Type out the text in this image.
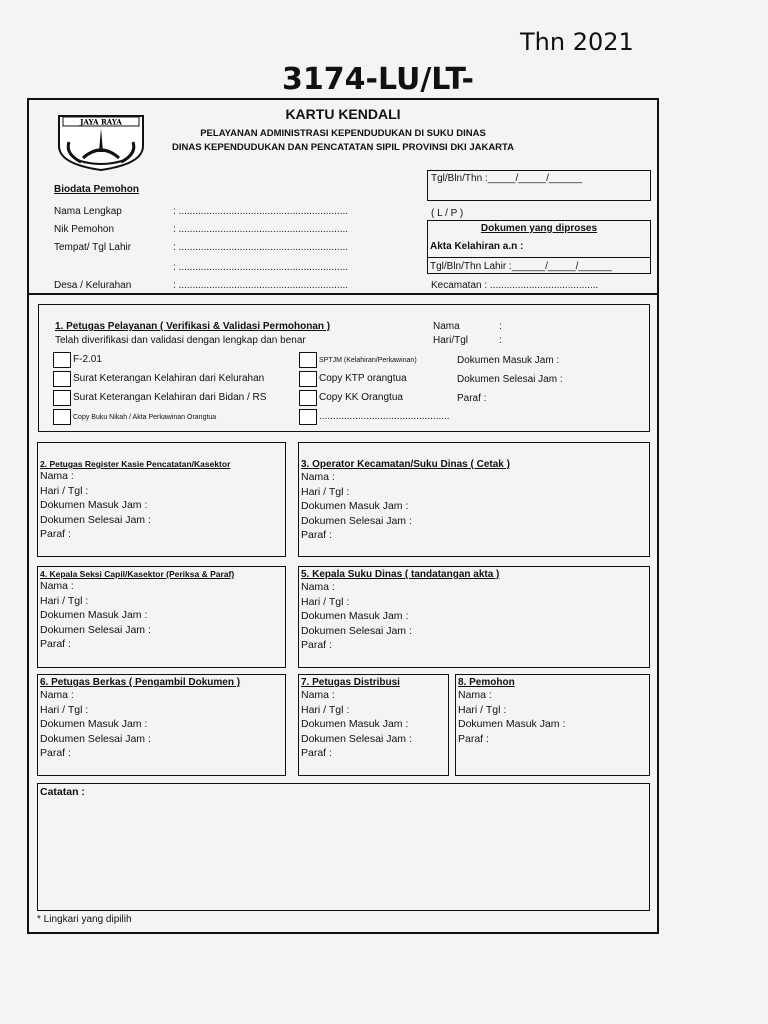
Thn 2021
3174-LU/LT-
JAYA RAYA	KARTU KENDALI
PELAYANAN ADMINISTRASI KEPENDUDUKAN DI SUKU DINAS
DINAS KEPENDUDUKAN DAN PENCATATAN SIPIL PROVINSI DKI JAKARTA
Biodata Pemohon
Nama Lengkap	: .............................................................
Nik Pemohon	: .............................................................
Tempat/ Tgl Lahir	: .............................................................
: .............................................................
Desa / Kelurahan	: .............................................................
Tgl/Bln/Thn :_____/_____/______
( L / P )
Dokumen yang diproses
Akta Kelahiran a.n :
Tgl/Bln/Thn Lahir :______/_____/______
Kecamatan : .......................................
1. Petugas Pelayanan ( Verifikasi & Validasi Permohonan )
Telah diverifikasi dan validasi dengan lengkap dan benar
Nama	:
Hari/Tgl	:
F-2.01
Surat Keterangan Kelahiran dari Kelurahan
Surat Keterangan Kelahiran dari Bidan / RS
Copy Buku Nikah / Akta Perkawinan Orangtua
SPTJM (Kelahiran/Perkawinan)
Copy KTP orangtua
Copy KK Orangtua
...............................................
Dokumen Masuk Jam :
Dokumen Selesai Jam :
Paraf :
2. Petugas Register Kasie Pencatatan/Kasektor
Nama :
Hari / Tgl :
Dokumen Masuk Jam :
Dokumen Selesai Jam :
Paraf :
3. Operator Kecamatan/Suku Dinas ( Cetak )
Nama :
Hari / Tgl :
Dokumen Masuk Jam :
Dokumen Selesai Jam :
Paraf :
4. Kepala Seksi Capil/Kasektor (Periksa & Paraf)
Nama :
Hari / Tgl :
Dokumen Masuk Jam :
Dokumen Selesai Jam :
Paraf :
5. Kepala Suku Dinas ( tandatangan akta )
Nama :
Hari / Tgl :
Dokumen Masuk Jam :
Dokumen Selesai Jam :
Paraf :
6. Petugas Berkas ( Pengambil Dokumen )
Nama :
Hari / Tgl :
Dokumen Masuk Jam :
Dokumen Selesai Jam :
Paraf :
7. Petugas Distribusi
Nama :
Hari / Tgl :
Dokumen Masuk Jam :
Dokumen Selesai Jam :
Paraf :
8. Pemohon
Nama :
Hari / Tgl :
Dokumen Masuk Jam :
Paraf :
Catatan :
* Lingkari yang dipilih
